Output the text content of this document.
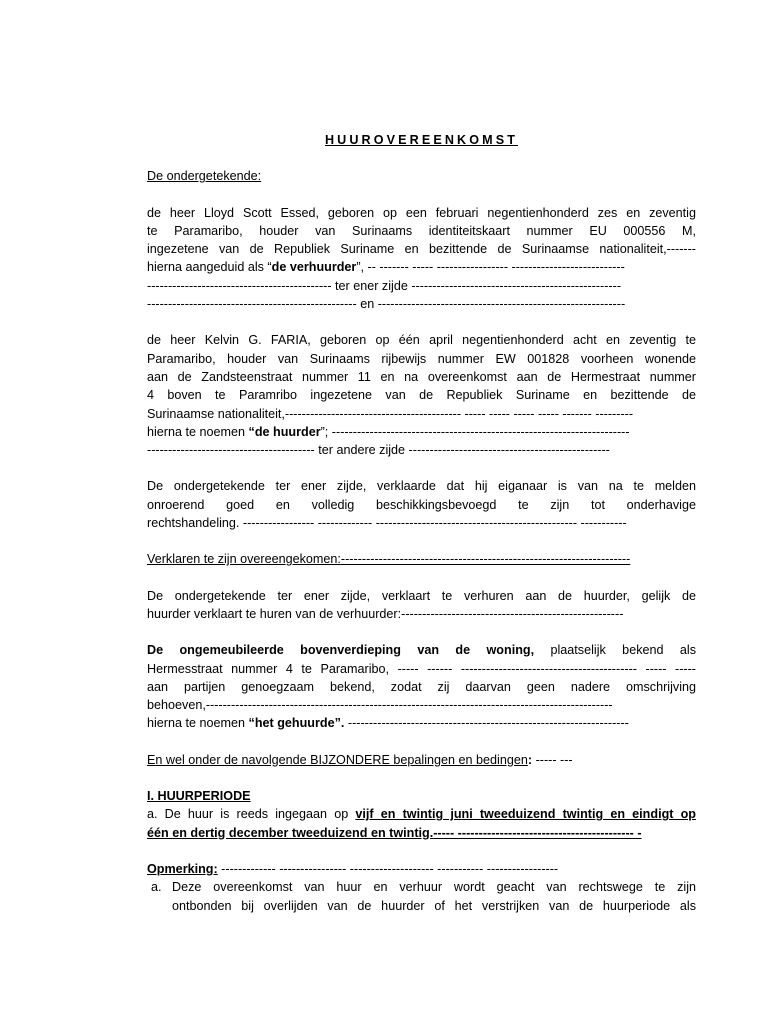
HUUROVEREENKOMST
De ondergetekende:
de heer Lloyd Scott Essed, geboren op een februari negentienhonderd zes en zeventig
te Paramaribo, houder van Surinaams identiteitskaart nummer EU 000556 M,
ingezetene van de Republiek Suriname en bezittende de Surinaamse nationaliteit,-------
hierna aangeduid als “de verhuurder”, -- ------- ----- ----------------- ---------------------------
-------------------------------------------- ter ener zijde --------------------------------------------------
-------------------------------------------------- en -----------------------------------------------------------
de heer Kelvin G. FARIA, geboren op één april negentienhonderd acht en zeventig te
Paramaribo, houder van Surinaams rijbewijs nummer EW 001828 voorheen wonende
aan de Zandsteenstraat nummer 11 en na overeenkomst aan de Hermestraat nummer
4 boven te Paramribo ingezetene van de Republiek Suriname en bezittende de
Surinaamse nationaliteit,------------------------------------------ ----- ----- ----- ----- ------- ---------
hierna te noemen “de huurder”; -----------------------------------------------------------------------
---------------------------------------- ter andere zijde ------------------------------------------------
De ondergetekende ter ener zijde, verklaarde dat hij eiganaar is van na te melden
onroerend goed en volledig beschikkingsbevoegd te zijn tot onderhavige
rechtshandeling. ----------------- ------------- ------------------------------------------------ -----------
Verklaren te zijn overeengekomen:---------------------------------------------------------------------
De ondergetekende ter ener zijde, verklaart te verhuren aan de huurder, gelijk de
huurder verklaart te huren van de verhuurder:-----------------------------------------------------
De ongemeubileerde bovenverdieping van de woning, plaatselijk bekend als
Hermesstraat nummer 4 te Paramaribo, ----- ------ ------------------------------------------ ----- -----
aan partijen genoegzaam bekend, zodat zij daarvan geen nadere omschrijving
behoeven,-------------------------------------------------------------------------------------------------
hierna te noemen “het gehuurde”. -------------------------------------------------------------------
En wel onder de navolgende BIJZONDERE bepalingen en bedingen: ----- ---
I. HUURPERIODE
a. De huur is reeds ingegaan op vijf en twintig juni tweeduizend twintig en eindigt op
één en dertig december tweeduizend en twintig.----- ------------------------------------------ -
Opmerking: ------------- ---------------- -------------------- ----------- -----------------
a. Deze overeenkomst van huur en verhuur wordt geacht van rechtswege te zijn
ontbonden bij overlijden van de huurder of het verstrijken van de huurperiode als
